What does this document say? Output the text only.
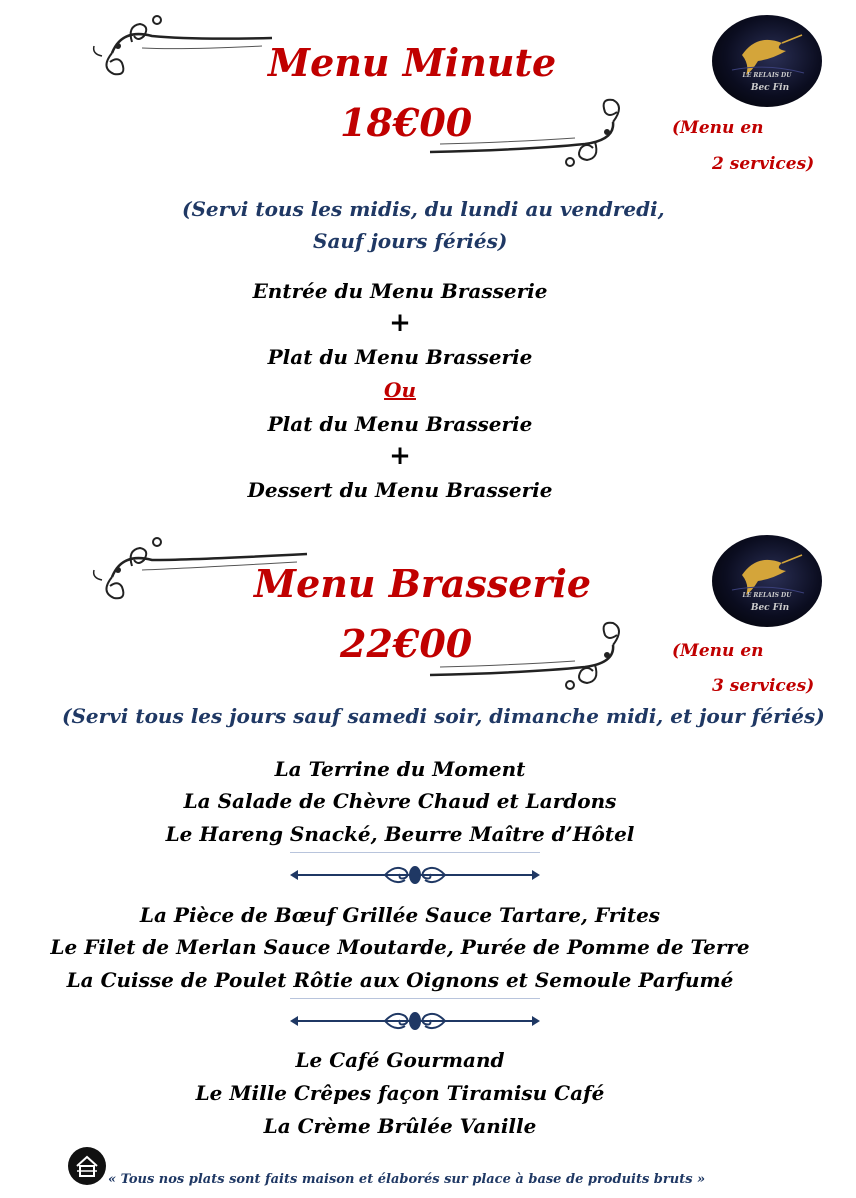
Menu Minute
18€00
LE RELAIS DU
Bec Fin
(Menu en
2 services)
(Servi tous les midis, du lundi au vendredi,
Sauf jours fériés)
Entrée du Menu Brasserie
+
Plat du Menu Brasserie
Ou
Plat du Menu Brasserie
+
Dessert du Menu Brasserie
Menu Brasserie
22€00
LE RELAIS DU
Bec Fin
(Menu en
3 services)
(Servi tous les jours sauf samedi soir, dimanche midi, et jour fériés)
La Terrine du Moment
La Salade de Chèvre Chaud et Lardons
Le Hareng Snacké, Beurre Maître d’Hôtel
La Pièce de Bœuf Grillée Sauce Tartare, Frites
Le Filet de Merlan Sauce Moutarde, Purée de Pomme de Terre
La Cuisse de Poulet Rôtie aux Oignons et Semoule Parfumé
Le Café Gourmand
Le Mille Crêpes façon Tiramisu Café
La Crème Brûlée Vanille
« Tous nos plats sont faits maison et élaborés sur place à base de produits bruts »
